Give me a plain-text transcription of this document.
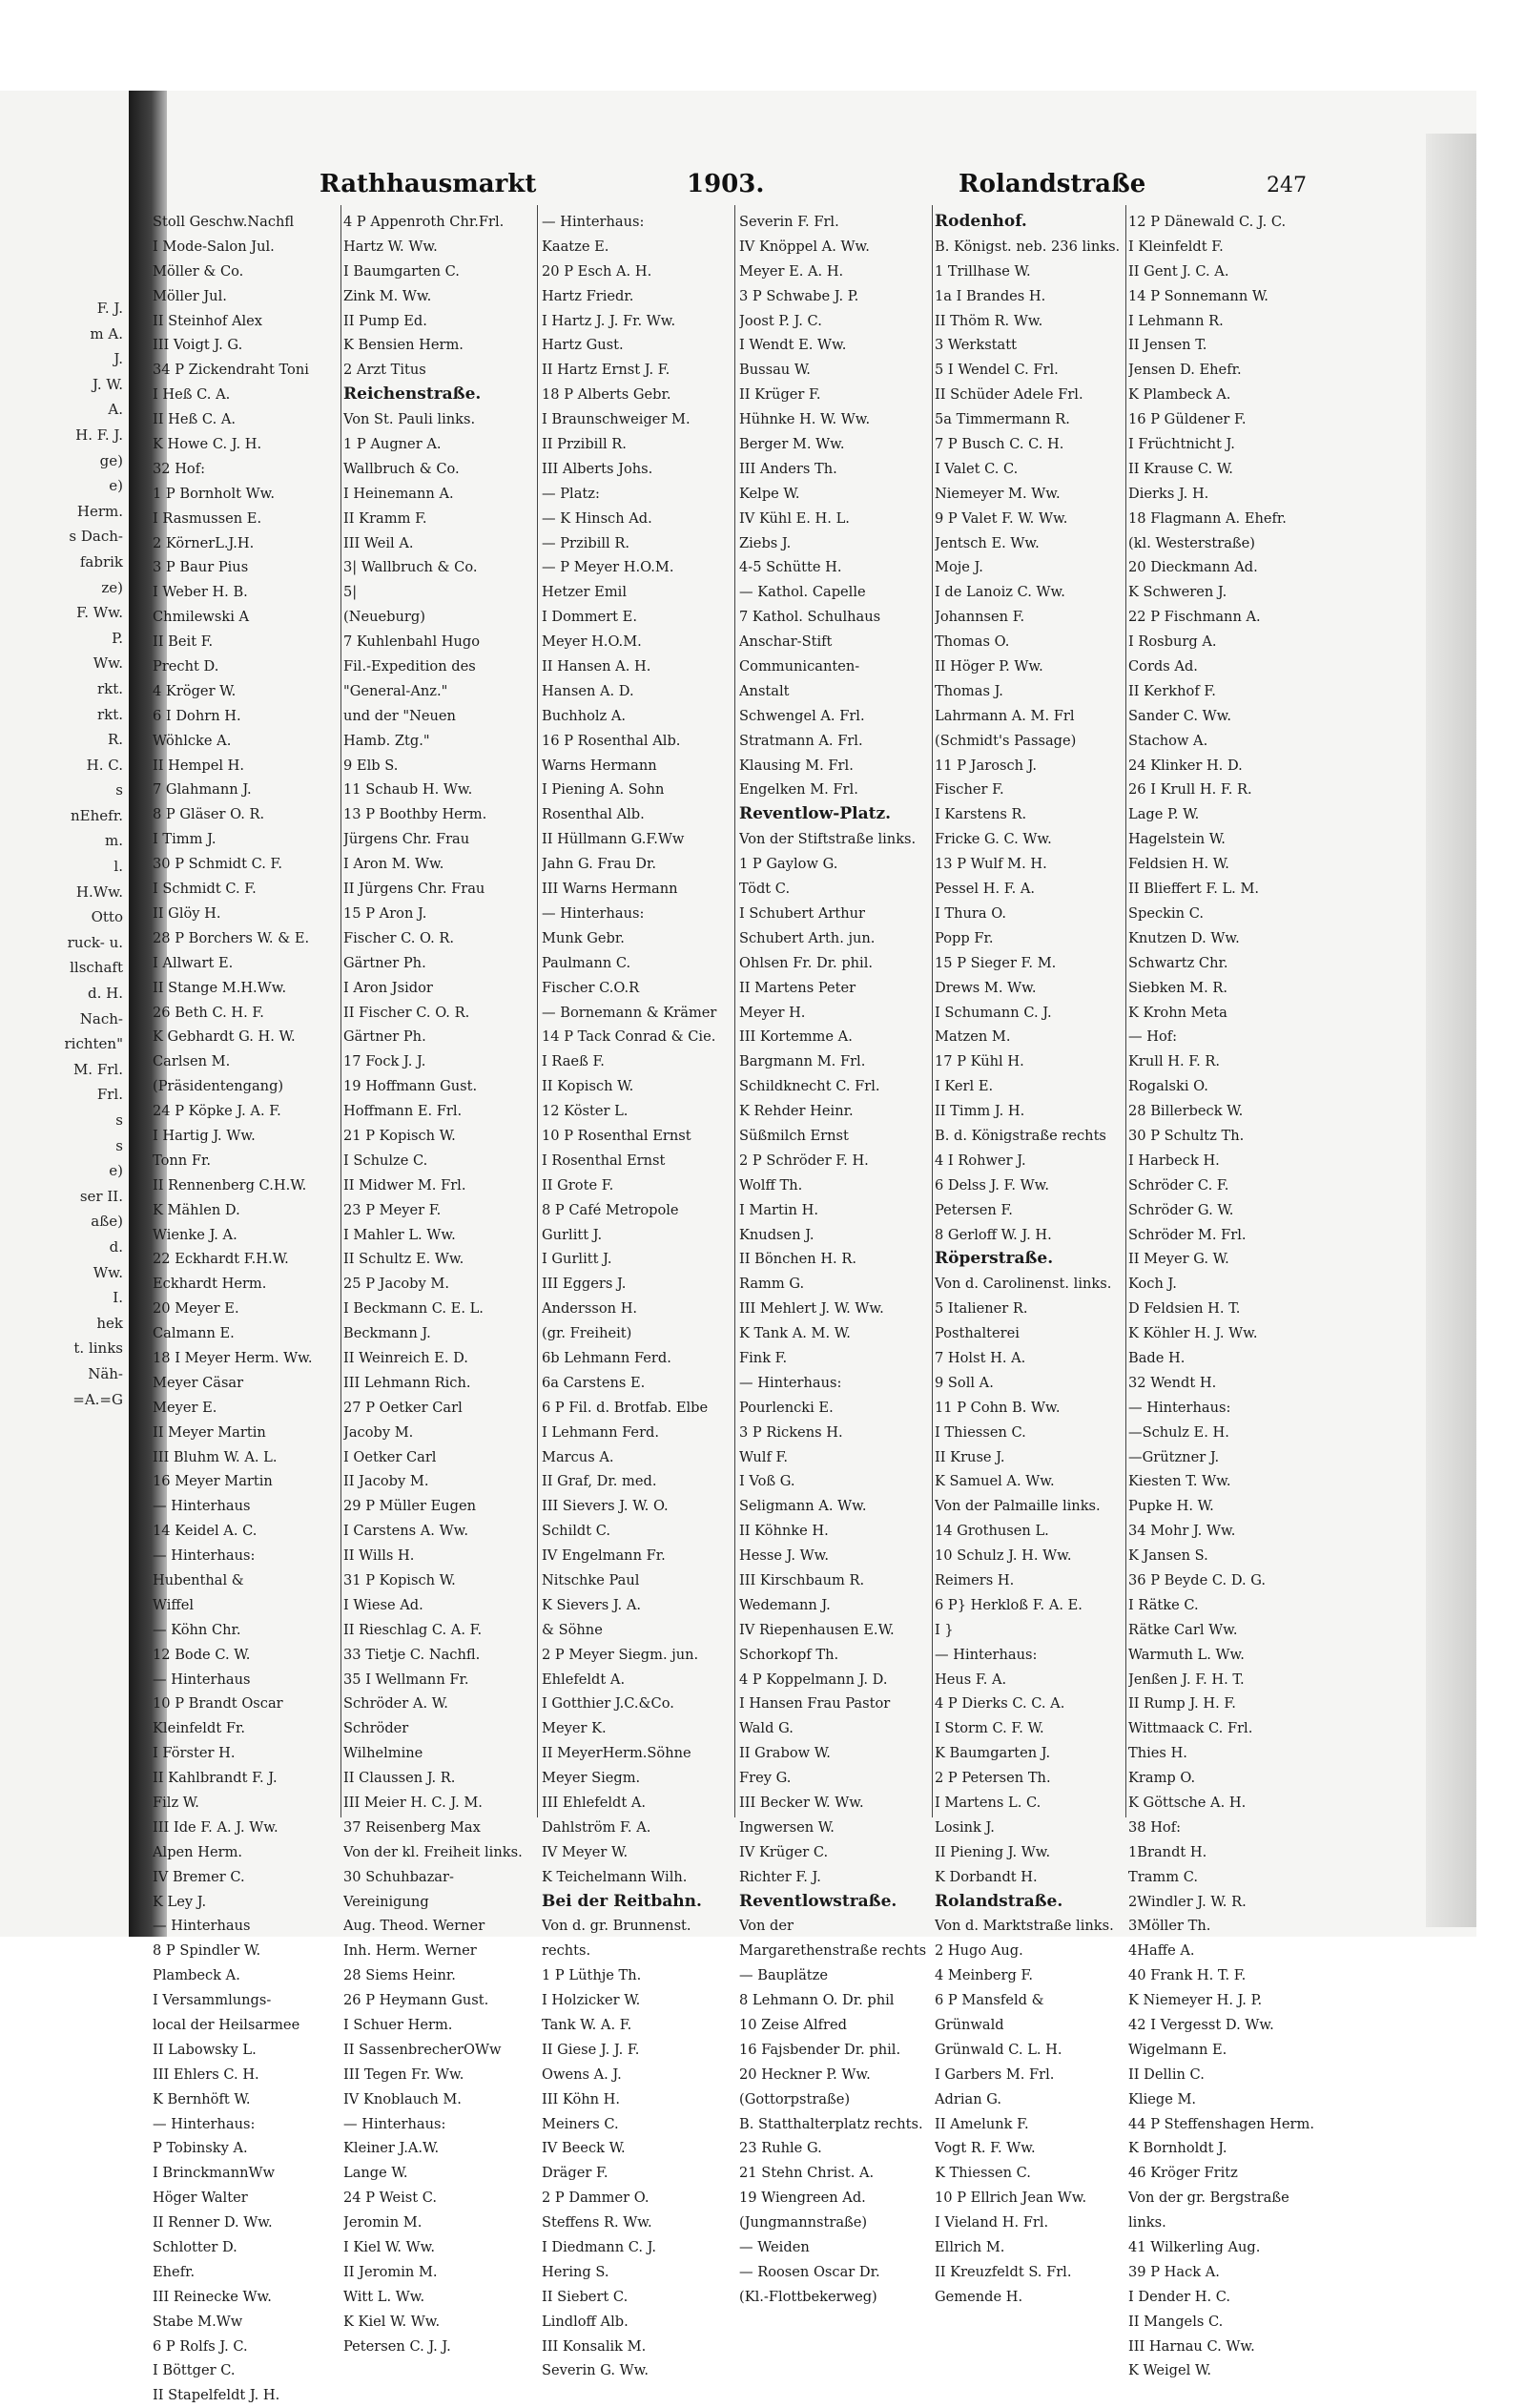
F. J.
m A.
J.
J. W.
A.
H. F. J.
ge)
e)
Herm.
s Dach-
fabrik
ze)
F. Ww.
P.
Ww.
rkt.
rkt.
R.
H. C.
s
nEhefr.
m.
l.
H.Ww.
Otto
ruck- u.
llschaft
d. H.
Nach-
richten"
M. Frl.
Frl.
s
s
e)
ser II.
aße)
d.
Ww.
I.
hek
t. links
Näh-
=A.=G
Rathhausmarkt	1903.	Rolandstraße	247
Stoll Geschw.Nachfl
I Mode-Salon Jul.
Möller & Co.
Möller Jul.
II Steinhof Alex
III Voigt J. G.
34 P Zickendraht Toni
I Heß C. A.
II Heß C. A.
K Howe C. J. H.
32 Hof:
1 P Bornholt Ww.
I Rasmussen E.
2 KörnerL.J.H.
3 P Baur Pius
I Weber H. B.
Chmilewski A
II Beit F.
Precht D.
4 Kröger W.
6 I Dohrn H.
Wöhlcke A.
II Hempel H.
7 Glahmann J.
8 P Gläser O. R.
I Timm J.
30 P Schmidt C. F.
I Schmidt C. F.
II Glöy H.
28 P Borchers W. & E.
I Allwart E.
II Stange M.H.Ww.
26 Beth C. H. F.
K Gebhardt G. H. W.
Carlsen M.
(Präsidentengang)
24 P Köpke J. A. F.
I Hartig J. Ww.
Tonn Fr.
II Rennenberg C.H.W.
K Mählen D.
Wienke J. A.
22 Eckhardt F.H.W.
Eckhardt Herm.
20 Meyer E.
Calmann E.
18 I Meyer Herm. Ww.
Meyer Cäsar
Meyer E.
II Meyer Martin
III Bluhm W. A. L.
16 Meyer Martin
— Hinterhaus
14 Keidel A. C.
— Hinterhaus:
Hubenthal &
Wiffel
— Köhn Chr.
12 Bode C. W.
— Hinterhaus
10 P Brandt Oscar
Kleinfeldt Fr.
I Förster H.
II Kahlbrandt F. J.
Filz W.
III Ide F. A. J. Ww.
Alpen Herm.
IV Bremer C.
K Ley J.
— Hinterhaus
8 P Spindler W.
Plambeck A.
I Versammlungs-
local der Heilsarmee
II Labowsky L.
III Ehlers C. H.
K Bernhöft W.
— Hinterhaus:
P Tobinsky A.
I BrinckmannWw
Höger Walter
II Renner D. Ww.
Schlotter D.
Ehefr.
III Reinecke Ww.
Stabe M.Ww
6 P Rolfs J. C.
I Böttger C.
II Stapelfeldt J. H.
4 P Appenroth Chr.Frl.
Hartz W. Ww.
I Baumgarten C.
Zink M. Ww.
II Pump Ed.
K Bensien Herm.
2 Arzt Titus
Reichenstraße.
Von St. Pauli links.
1 P Augner A.
Wallbruch & Co.
I Heinemann A.
II Kramm F.
III Weil A.
3| Wallbruch & Co.
5|
(Neueburg)
7 Kuhlenbahl Hugo
Fil.-Expedition des
"General-Anz."
und der "Neuen
Hamb. Ztg."
9 Elb S.
11 Schaub H. Ww.
13 P Boothby Herm.
Jürgens Chr. Frau
I Aron M. Ww.
II Jürgens Chr. Frau
15 P Aron J.
Fischer C. O. R.
Gärtner Ph.
I Aron Jsidor
II Fischer C. O. R.
Gärtner Ph.
17 Fock J. J.
19 Hoffmann Gust.
Hoffmann E. Frl.
21 P Kopisch W.
I Schulze C.
II Midwer M. Frl.
23 P Meyer F.
I Mahler L. Ww.
II Schultz E. Ww.
25 P Jacoby M.
I Beckmann C. E. L.
Beckmann J.
II Weinreich E. D.
III Lehmann Rich.
27 P Oetker Carl
Jacoby M.
I Oetker Carl
II Jacoby M.
29 P Müller Eugen
I Carstens A. Ww.
II Wills H.
31 P Kopisch W.
I Wiese Ad.
II Rieschlag C. A. F.
33 Tietje C. Nachfl.
35 I Wellmann Fr.
Schröder A. W.
Schröder
Wilhelmine
II Claussen J. R.
III Meier H. C. J. M.
37 Reisenberg Max
Von der kl. Freiheit links.
30 Schuhbazar-
Vereinigung
Aug. Theod. Werner
Inh. Herm. Werner
28 Siems Heinr.
26 P Heymann Gust.
I Schuer Herm.
II SassenbrecherOWw
III Tegen Fr. Ww.
IV Knoblauch M.
— Hinterhaus:
Kleiner J.A.W.
Lange W.
24 P Weist C.
Jeromin M.
I Kiel W. Ww.
II Jeromin M.
Witt L. Ww.
K Kiel W. Ww.
Petersen C. J. J.
— Hinterhaus:
Kaatze E.
20 P Esch A. H.
Hartz Friedr.
I Hartz J. J. Fr. Ww.
Hartz Gust.
II Hartz Ernst J. F.
18 P Alberts Gebr.
I Braunschweiger M.
II Przibill R.
III Alberts Johs.
— Platz:
— K Hinsch Ad.
— Przibill R.
— P Meyer H.O.M.
Hetzer Emil
I Dommert E.
Meyer H.O.M.
II Hansen A. H.
Hansen A. D.
Buchholz A.
16 P Rosenthal Alb.
Warns Hermann
I Piening A. Sohn
Rosenthal Alb.
II Hüllmann G.F.Ww
Jahn G. Frau Dr.
III Warns Hermann
— Hinterhaus:
Munk Gebr.
Paulmann C.
Fischer C.O.R
— Bornemann & Krämer
14 P Tack Conrad & Cie.
I Raeß F.
II Kopisch W.
12 Köster L.
10 P Rosenthal Ernst
I Rosenthal Ernst
II Grote F.
8 P Café Metropole
Gurlitt J.
I Gurlitt J.
III Eggers J.
Andersson H.
(gr. Freiheit)
6b Lehmann Ferd.
6a Carstens E.
6 P Fil. d. Brotfab. Elbe
I Lehmann Ferd.
Marcus A.
II Graf, Dr. med.
III Sievers J. W. O.
Schildt C.
IV Engelmann Fr.
Nitschke Paul
K Sievers J. A.
& Söhne
2 P Meyer Siegm. jun.
Ehlefeldt A.
I Gotthier J.C.&Co.
Meyer K.
II MeyerHerm.Söhne
Meyer Siegm.
III Ehlefeldt A.
Dahlström F. A.
IV Meyer W.
K Teichelmann Wilh.
Bei der Reitbahn.
Von d. gr. Brunnenst.
rechts.
1 P Lüthje Th.
I Holzicker W.
Tank W. A. F.
II Giese J. J. F.
Owens A. J.
III Köhn H.
Meiners C.
IV Beeck W.
Dräger F.
2 P Dammer O.
Steffens R. Ww.
I Diedmann C. J.
Hering S.
II Siebert C.
Lindloff Alb.
III Konsalik M.
Severin G. Ww.
Severin F. Frl.
IV Knöppel A. Ww.
Meyer E. A. H.
3 P Schwabe J. P.
Joost P. J. C.
I Wendt E. Ww.
Bussau W.
II Krüger F.
Hühnke H. W. Ww.
Berger M. Ww.
III Anders Th.
Kelpe W.
IV Kühl E. H. L.
Ziebs J.
4-5 Schütte H.
— Kathol. Capelle
7 Kathol. Schulhaus
Anschar-Stift
Communicanten-
Anstalt
Schwengel A. Frl.
Stratmann A. Frl.
Klausing M. Frl.
Engelken M. Frl.
Reventlow-Platz.
Von der Stiftstraße links.
1 P Gaylow G.
Tödt C.
I Schubert Arthur
Schubert Arth. jun.
Ohlsen Fr. Dr. phil.
II Martens Peter
Meyer H.
III Kortemme A.
Bargmann M. Frl.
Schildknecht C. Frl.
K Rehder Heinr.
Süßmilch Ernst
2 P Schröder F. H.
Wolff Th.
I Martin H.
Knudsen J.
II Bönchen H. R.
Ramm G.
III Mehlert J. W. Ww.
K Tank A. M. W.
Fink F.
— Hinterhaus:
Pourlencki E.
3 P Rickens H.
Wulf F.
I Voß G.
Seligmann A. Ww.
II Köhnke H.
Hesse J. Ww.
III Kirschbaum R.
Wedemann J.
IV Riepenhausen E.W.
Schorkopf Th.
4 P Koppelmann J. D.
I Hansen Frau Pastor
Wald G.
II Grabow W.
Frey G.
III Becker W. Ww.
Ingwersen W.
IV Krüger C.
Richter F. J.
Reventlowstraße.
Von der
Margarethenstraße rechts
— Bauplätze
8 Lehmann O. Dr. phil
10 Zeise Alfred
16 Fajsbender Dr. phil.
20 Heckner P. Ww.
(Gottorpstraße)
B. Statthalterplatz rechts.
23 Ruhle G.
21 Stehn Christ. A.
19 Wiengreen Ad.
(Jungmannstraße)
— Weiden
— Roosen Oscar Dr.
(Kl.-Flottbekerweg)
Rodenhof.
B. Königst. neb. 236 links.
1 Trillhase W.
1a I Brandes H.
II Thöm R. Ww.
3 Werkstatt
5 I Wendel C. Frl.
II Schüder Adele Frl.
5a Timmermann R.
7 P Busch C. C. H.
I Valet C. C.
Niemeyer M. Ww.
9 P Valet F. W. Ww.
Jentsch E. Ww.
Moje J.
I de Lanoiz C. Ww.
Johannsen F.
Thomas O.
II Höger P. Ww.
Thomas J.
Lahrmann A. M. Frl
(Schmidt's Passage)
11 P Jarosch J.
Fischer F.
I Karstens R.
Fricke G. C. Ww.
13 P Wulf M. H.
Pessel H. F. A.
I Thura O.
Popp Fr.
15 P Sieger F. M.
Drews M. Ww.
I Schumann C. J.
Matzen M.
17 P Kühl H.
I Kerl E.
II Timm J. H.
B. d. Königstraße rechts
4 I Rohwer J.
6 Delss J. F. Ww.
Petersen F.
8 Gerloff W. J. H.
Röperstraße.
Von d. Carolinenst. links.
5 Italiener R.
Posthalterei
7 Holst H. A.
9 Soll A.
11 P Cohn B. Ww.
I Thiessen C.
II Kruse J.
K Samuel A. Ww.
Von der Palmaille links.
14 Grothusen L.
10 Schulz J. H. Ww.
Reimers H.
6 P} Herkloß F. A. E.
I }
— Hinterhaus:
Heus F. A.
4 P Dierks C. C. A.
I Storm C. F. W.
K Baumgarten J.
2 P Petersen Th.
I Martens L. C.
Losink J.
II Piening J. Ww.
K Dorbandt H.
Rolandstraße.
Von d. Marktstraße links.
2 Hugo Aug.
4 Meinberg F.
6 P Mansfeld &
Grünwald
Grünwald C. L. H.
I Garbers M. Frl.
Adrian G.
II Amelunk F.
Vogt R. F. Ww.
K Thiessen C.
10 P Ellrich Jean Ww.
I Vieland H. Frl.
Ellrich M.
II Kreuzfeldt S. Frl.
Gemende H.
12 P Dänewald C. J. C.
I Kleinfeldt F.
II Gent J. C. A.
14 P Sonnemann W.
I Lehmann R.
II Jensen T.
Jensen D. Ehefr.
K Plambeck A.
16 P Güldener F.
I Früchtnicht J.
II Krause C. W.
Dierks J. H.
18 Flagmann A. Ehefr.
(kl. Westerstraße)
20 Dieckmann Ad.
K Schweren J.
22 P Fischmann A.
I Rosburg A.
Cords Ad.
II Kerkhof F.
Sander C. Ww.
Stachow A.
24 Klinker H. D.
26 I Krull H. F. R.
Lage P. W.
Hagelstein W.
Feldsien H. W.
II Blieffert F. L. M.
Speckin C.
Knutzen D. Ww.
Schwartz Chr.
Siebken M. R.
K Krohn Meta
— Hof:
Krull H. F. R.
Rogalski O.
28 Billerbeck W.
30 P Schultz Th.
I Harbeck H.
Schröder C. F.
Schröder G. W.
Schröder M. Frl.
II Meyer G. W.
Koch J.
D Feldsien H. T.
K Köhler H. J. Ww.
Bade H.
32 Wendt H.
— Hinterhaus:
—Schulz E. H.
—Grützner J.
Kiesten T. Ww.
Pupke H. W.
34 Mohr J. Ww.
K Jansen S.
36 P Beyde C. D. G.
I Rätke C.
Rätke Carl Ww.
Warmuth L. Ww.
Jenßen J. F. H. T.
II Rump J. H. F.
Wittmaack C. Frl.
Thies H.
Kramp O.
K Göttsche A. H.
38 Hof:
1Brandt H.
Tramm C.
2Windler J. W. R.
3Möller Th.
4Haffe A.
40 Frank H. T. F.
K Niemeyer H. J. P.
42 I Vergesst D. Ww.
Wigelmann E.
II Dellin C.
Kliege M.
44 P Steffenshagen Herm.
K Bornholdt J.
46 Kröger Fritz
Von der gr. Bergstraße
links.
41 Wilkerling Aug.
39 P Hack A.
I Dender H. C.
II Mangels C.
III Harnau C. Ww.
K Weigel W.
